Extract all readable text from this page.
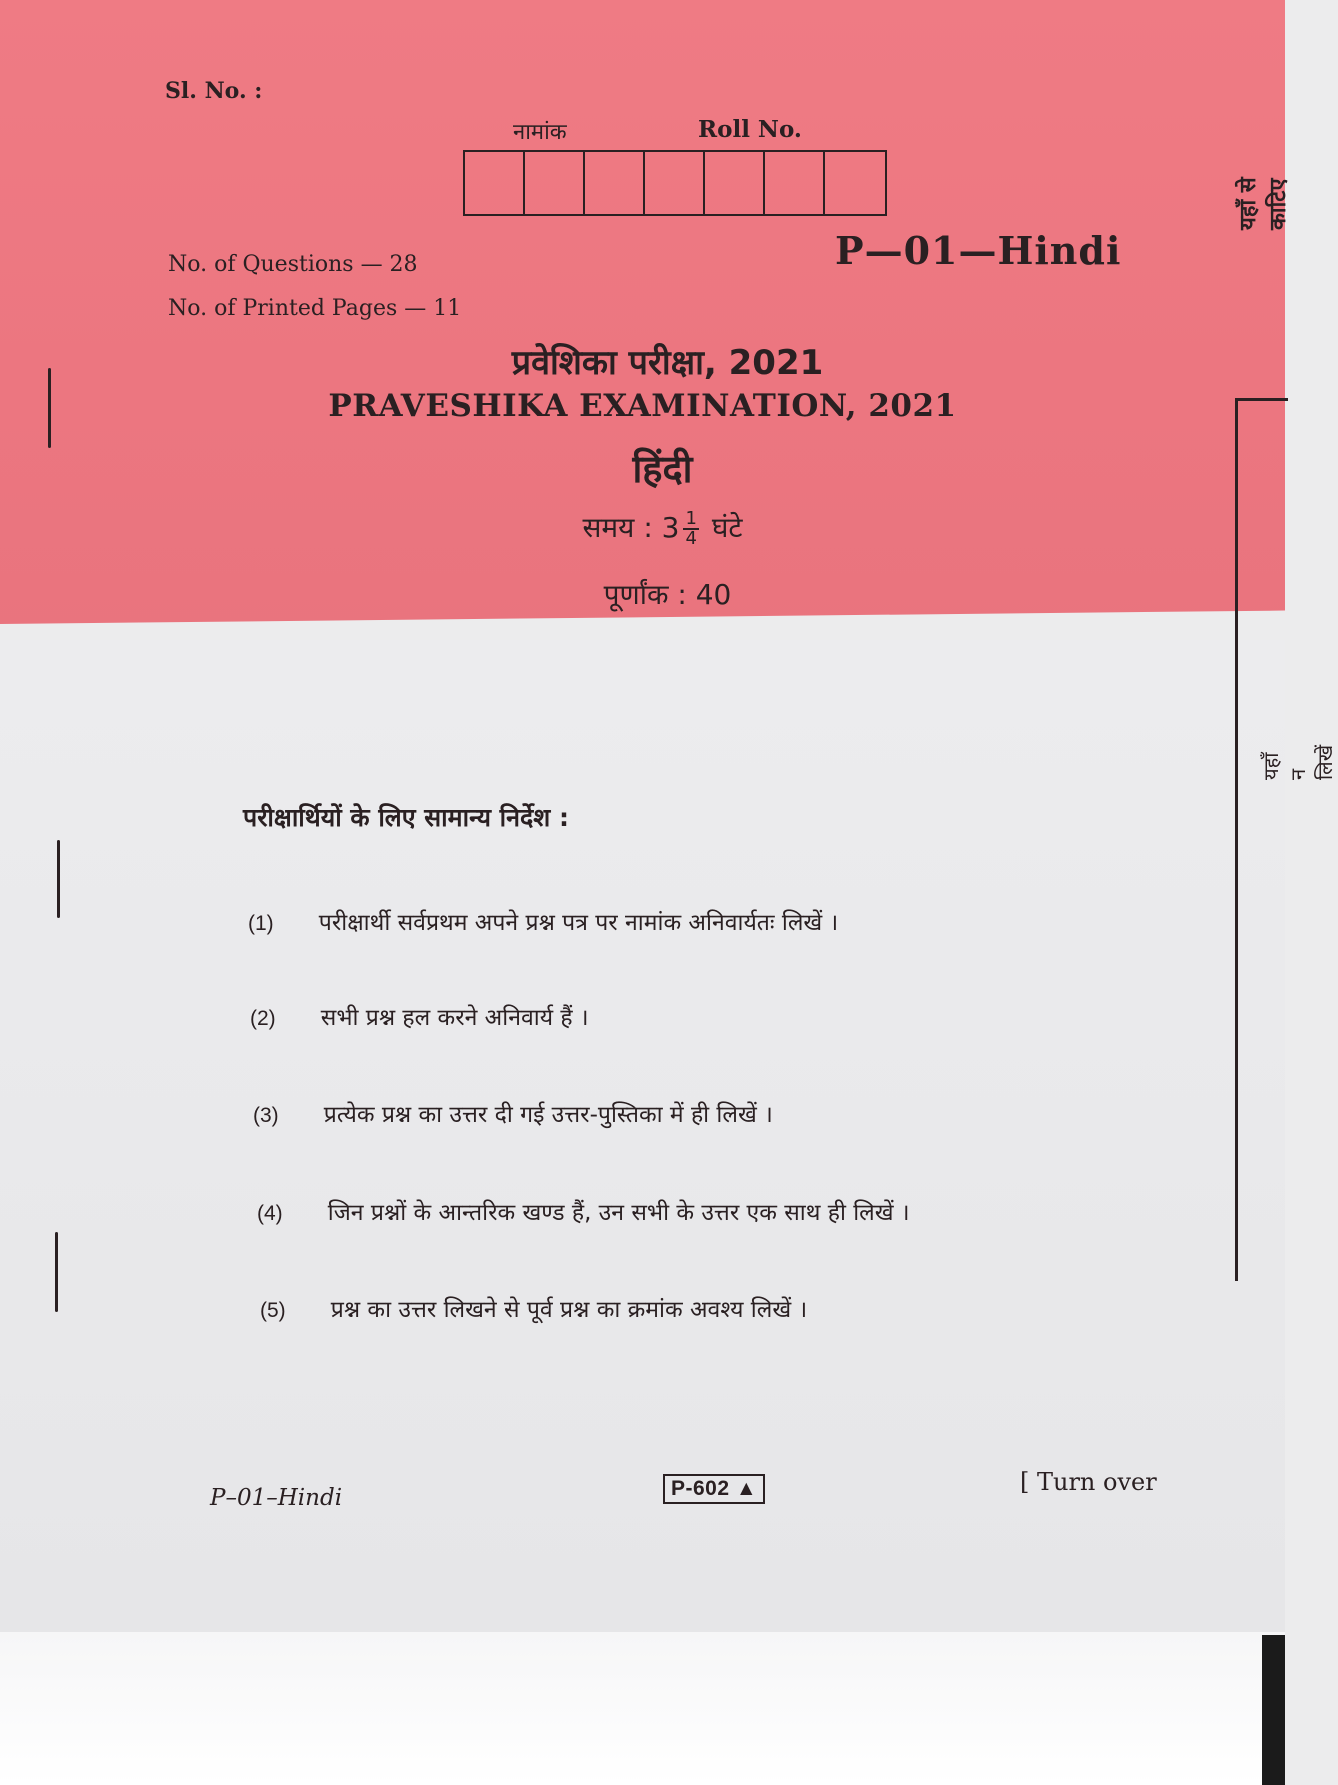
Sl. No. :
नामांक	Roll No.
No. of Questions — 28
No. of Printed Pages — 11
P—01—Hindi
यहाँ से काटिए
यहाँ न लिखें
प्रवेशिका परीक्षा, 2021
PRAVESHIKA EXAMINATION, 2021
हिंदी
समय : $3 \frac{1}{4}$ घंटे
पूर्णांक : 40
परीक्षार्थियों के लिए सामान्य निर्देश :
(1) परीक्षार्थी सर्वप्रथम अपने प्रश्न पत्र पर नामांक अनिवार्यतः लिखें ।
(2) सभी प्रश्न हल करने अनिवार्य हैं ।
(3) प्रत्येक प्रश्न का उत्तर दी गई उत्तर-पुस्तिका में ही लिखें ।
(4) जिन प्रश्नों के आन्तरिक खण्ड हैं, उन सभी के उत्तर एक साथ ही लिखें ।
(5) प्रश्न का उत्तर लिखने से पूर्व प्रश्न का क्रमांक अवश्य लिखें ।
P–01–Hindi	P-602 ▲	[ Turn over
